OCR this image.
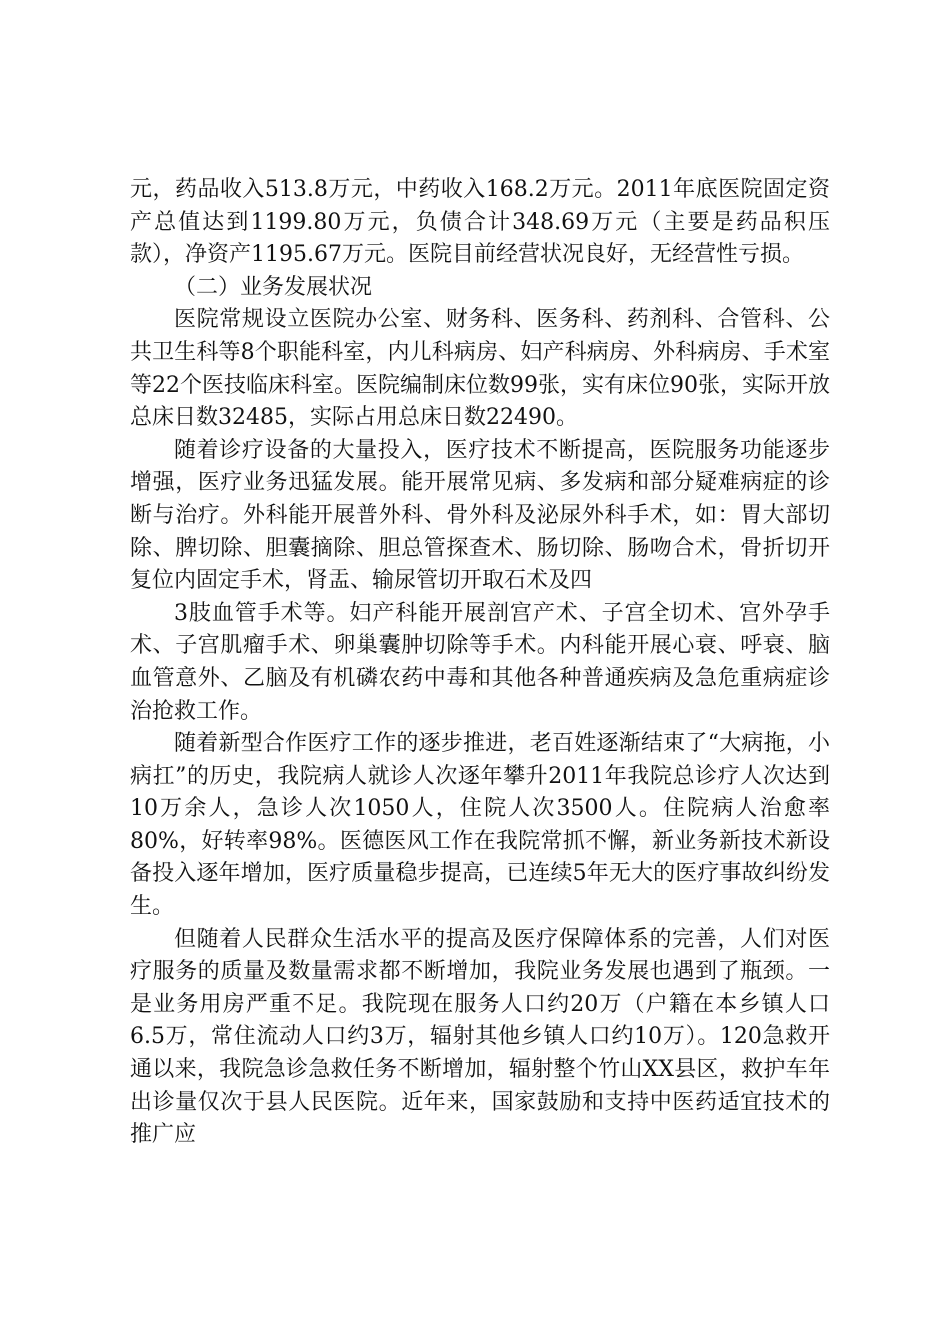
元，药品收入513.8万元，中药收入168.2万元。2011年底医院固定资产总值达到1199.80万元，负债合计348.69万元（主要是药品积压款），净资产1195.67万元。医院目前经营状况良好，无经营性亏损。

（二）业务发展状况

医院常规设立医院办公室、财务科、医务科、药剂科、合管科、公共卫生科等8个职能科室，内儿科病房、妇产科病房、外科病房、手术室等22个医技临床科室。医院编制床位数99张，实有床位90张，实际开放总床日数32485，实际占用总床日数22490。

随着诊疗设备的大量投入，医疗技术不断提高，医院服务功能逐步增强，医疗业务迅猛发展。能开展常见病、多发病和部分疑难病症的诊断与治疗。外科能开展普外科、骨外科及泌尿外科手术，如：胃大部切除、脾切除、胆囊摘除、胆总管探查术、肠切除、肠吻合术，骨折切开复位内固定手术，肾盂、输尿管切开取石术及四

3肢血管手术等。妇产科能开展剖宫产术、子宫全切术、宫外孕手术、子宫肌瘤手术、卵巢囊肿切除等手术。内科能开展心衰、呼衰、脑血管意外、乙脑及有机磷农药中毒和其他各种普通疾病及急危重病症诊治抢救工作。

随着新型合作医疗工作的逐步推进，老百姓逐渐结束了“大病拖，小病扛”的历史，我院病人就诊人次逐年攀升2011年我院总诊疗人次达到10万余人，急诊人次1050人，住院人次3500人。住院病人治愈率80%，好转率98%。医德医风工作在我院常抓不懈，新业务新技术新设备投入逐年增加，医疗质量稳步提高，已连续5年无大的医疗事故纠纷发生。

但随着人民群众生活水平的提高及医疗保障体系的完善，人们对医疗服务的质量及数量需求都不断增加，我院业务发展也遇到了瓶颈。一是业务用房严重不足。我院现在服务人口约20万（户籍在本乡镇人口6.5万，常住流动人口约3万，辐射其他乡镇人口约10万）。120急救开通以来，我院急诊急救任务不断增加，辐射整个竹山XX县区，救护车年出诊量仅次于县人民医院。近年来，国家鼓励和支持中医药适宜技术的推广应
